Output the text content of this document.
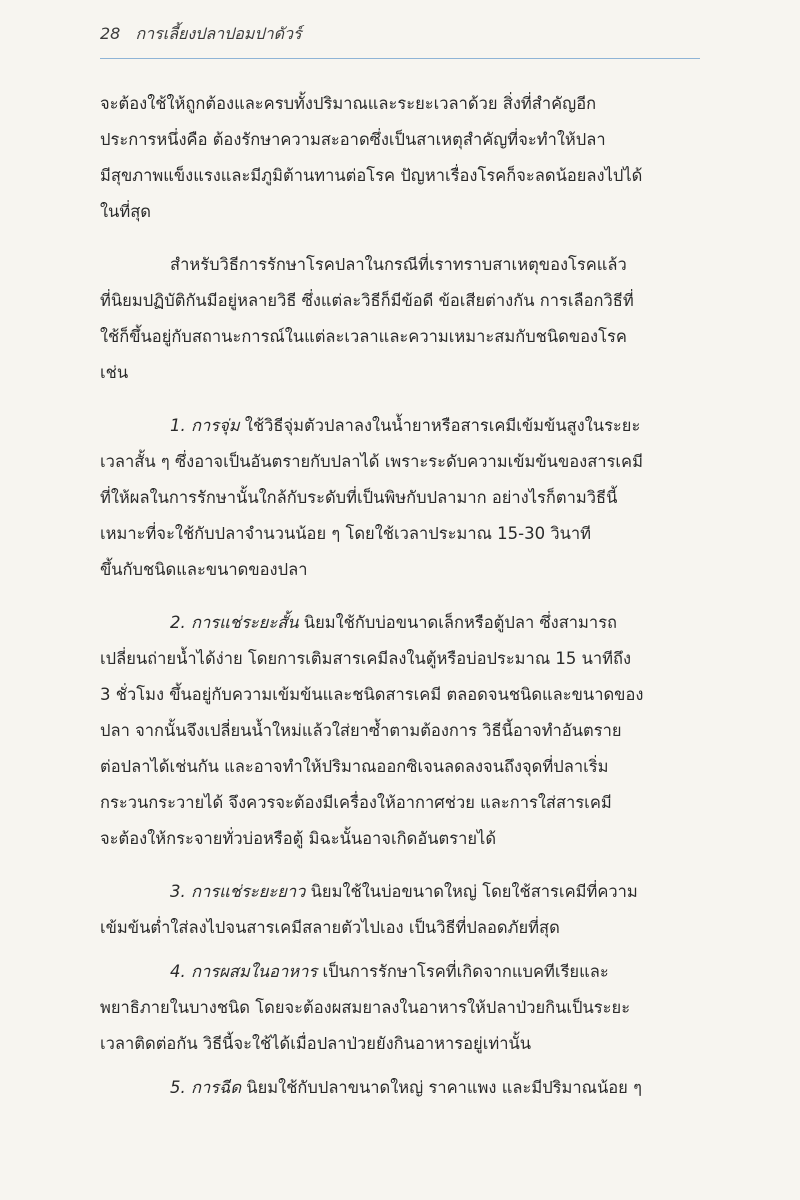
28 การเลี้ยงปลาปอมปาดัวร์
จะต้องใช้ให้ถูกต้องและครบทั้งปริมาณและระยะเวลาด้วย สิ่งที่สำคัญอีก
ประการหนึ่งคือ ต้องรักษาความสะอาดซึ่งเป็นสาเหตุสำคัญที่จะทำให้ปลา
มีสุขภาพแข็งแรงและมีภูมิต้านทานต่อโรค ปัญหาเรื่องโรคก็จะลดน้อยลงไปได้
ในที่สุด
สำหรับวิธีการรักษาโรคปลาในกรณีที่เราทราบสาเหตุของโรคแล้ว
ที่นิยมปฏิบัติกันมีอยู่หลายวิธี ซึ่งแต่ละวิธีก็มีข้อดี ข้อเสียต่างกัน การเลือกวิธีที่
ใช้ก็ขึ้นอยู่กับสถานะการณ์ในแต่ละเวลาและความเหมาะสมกับชนิดของโรค
เช่น
1. การจุ่ม ใช้วิธีจุ่มตัวปลาลงในน้ำยาหรือสารเคมีเข้มข้นสูงในระยะ
เวลาสั้น ๆ ซึ่งอาจเป็นอันตรายกับปลาได้ เพราะระดับความเข้มข้นของสารเคมี
ที่ให้ผลในการรักษานั้นใกล้กับระดับที่เป็นพิษกับปลามาก อย่างไรก็ตามวิธีนี้
เหมาะที่จะใช้กับปลาจำนวนน้อย ๆ โดยใช้เวลาประมาณ 15-30 วินาที
ขึ้นกับชนิดและขนาดของปลา
2. การแช่ระยะสั้น นิยมใช้กับบ่อขนาดเล็กหรือตู้ปลา ซึ่งสามารถ
เปลี่ยนถ่ายน้ำได้ง่าย โดยการเติมสารเคมีลงในตู้หรือบ่อประมาณ 15 นาทีถึง
3 ชั่วโมง ขึ้นอยู่กับความเข้มข้นและชนิดสารเคมี ตลอดจนชนิดและขนาดของ
ปลา จากนั้นจึงเปลี่ยนน้ำใหม่แล้วใส่ยาซ้ำตามต้องการ วิธีนี้อาจทำอันตราย
ต่อปลาได้เช่นกัน และอาจทำให้ปริมาณออกซิเจนลดลงจนถึงจุดที่ปลาเริ่ม
กระวนกระวายได้ จึงควรจะต้องมีเครื่องให้อากาศช่วย และการใส่สารเคมี
จะต้องให้กระจายทั่วบ่อหรือตู้ มิฉะนั้นอาจเกิดอันตรายได้
3. การแช่ระยะยาว นิยมใช้ในบ่อขนาดใหญ่ โดยใช้สารเคมีที่ความ
เข้มข้นต่ำใส่ลงไปจนสารเคมีสลายตัวไปเอง เป็นวิธีที่ปลอดภัยที่สุด
4. การผสมในอาหาร เป็นการรักษาโรคที่เกิดจากแบคทีเรียและ
พยาธิภายในบางชนิด โดยจะต้องผสมยาลงในอาหารให้ปลาป่วยกินเป็นระยะ
เวลาติดต่อกัน วิธีนี้จะใช้ได้เมื่อปลาป่วยยังกินอาหารอยู่เท่านั้น
5. การฉีด นิยมใช้กับปลาขนาดใหญ่ ราคาแพง และมีปริมาณน้อย ๆ
